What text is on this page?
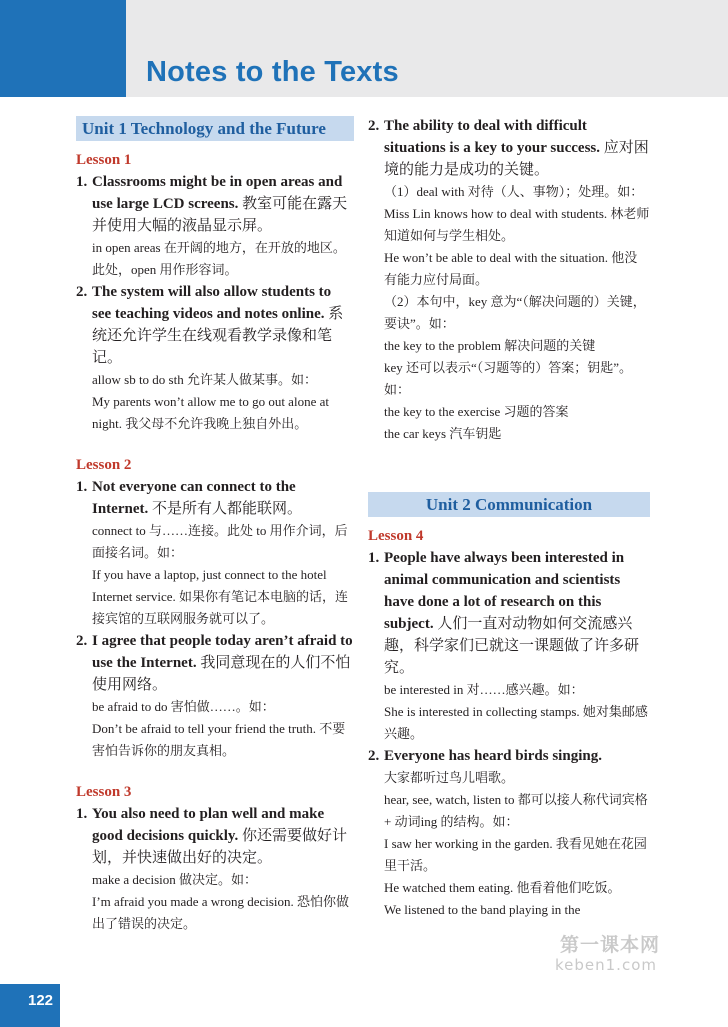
Notes to the Texts
Unit 1 Technology and the Future
Lesson 1
1. Classrooms might be in open areas and use large LCD screens. 教室可能在露天并使用大幅的液晶显示屏。

in open areas 在开阔的地方，在开放的地区。此处，open 用作形容词。

2. The system will also allow students to see teaching videos and notes online. 系统还允许学生在线观看教学录像和笔记。

allow sb to do sth 允许某人做某事。如：

My parents won’t allow me to go out alone at night. 我父母不允许我晚上独自外出。

Lesson 2
1. Not everyone can connect to the Internet. 不是所有人都能联网。

connect to 与……连接。此处 to 用作介词，后面接名词。如：

If you have a laptop, just connect to the hotel Internet service. 如果你有笔记本电脑的话，连接宾馆的互联网服务就可以了。

2. I agree that people today aren’t afraid to use the Internet. 我同意现在的人们不怕使用网络。

be afraid to do 害怕做……。如：

Don’t be afraid to tell your friend the truth. 不要害怕告诉你的朋友真相。

Lesson 3
1. You also need to plan well and make good decisions quickly. 你还需要做好计划，并快速做出好的决定。

make a decision 做决定。如：

I’m afraid you made a wrong decision. 恐怕你做出了错误的决定。

2. The ability to deal with difficult situations is a key to your success. 应对困境的能力是成功的关键。

（1）deal with 对待（人、事物）；处理。如：

Miss Lin knows how to deal with students. 林老师知道如何与学生相处。

He won’t be able to deal with the situation. 他没有能力应付局面。

（2）本句中，key 意为“（解决问题的）关键，要诀”。如：

the key to the problem 解决问题的关键

key 还可以表示“（习题等的）答案；钥匙”。如：

the key to the exercise 习题的答案

the car keys 汽车钥匙

Unit 2 Communication
Lesson 4
1. People have always been interested in animal communication and scientists have done a lot of research on this subject. 人们一直对动物如何交流感兴趣，科学家们已就这一课题做了许多研究。

be interested in 对……感兴趣。如：

She is interested in collecting stamps. 她对集邮感兴趣。

2. Everyone has heard birds singing.

大家都听过鸟儿唱歌。

hear, see, watch, listen to 都可以接人称代词宾格 + 动词ing 的结构。如：

I saw her working in the garden. 我看见她在花园里干活。

He watched them eating. 他看着他们吃饭。

We listened to the band playing in the

第一课本网
keben1.com
122
